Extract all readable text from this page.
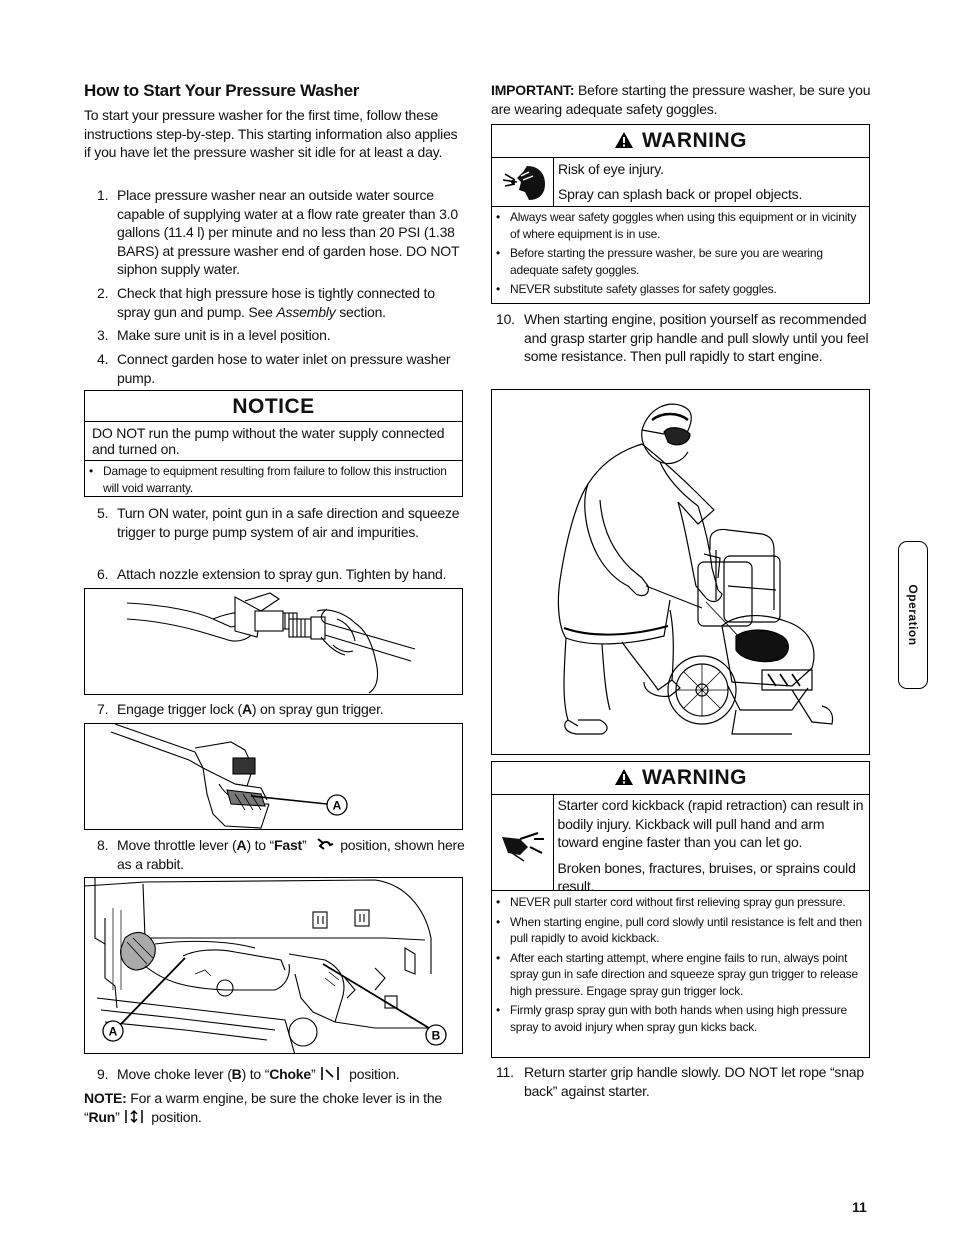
How to Start Your Pressure Washer
To start your pressure washer for the first time, follow these instructions step-by-step. This starting information also applies if you have let the pressure washer sit idle for at least a day.
1. Place pressure washer near an outside water source capable of supplying water at a flow rate greater than 3.0 gallons (11.4 l) per minute and no less than 20 PSI (1.38 BARS) at pressure washer end of garden hose. DO NOT siphon supply water.
2. Check that high pressure hose is tightly connected to spray gun and pump. See Assembly section.
3. Make sure unit is in a level position.
4. Connect garden hose to water inlet on pressure washer pump.
NOTICE
DO NOT run the pump without the water supply connected and turned on.
• Damage to equipment resulting from failure to follow this instruction will void warranty.
5. Turn ON water, point gun in a safe direction and squeeze trigger to purge pump system of air and impurities.
6. Attach nozzle extension to spray gun. Tighten by hand.
7. Engage trigger lock (A) on spray gun trigger.
A
8. Move throttle lever (A) to “Fast” position, shown here as a rabbit.
A	B
9. Move choke lever (B) to “Choke” position.
NOTE: For a warm engine, be sure the choke lever is in the “Run” position.
IMPORTANT: Before starting the pressure washer, be sure you are wearing adequate safety goggles.
WARNING
Risk of eye injury.
Spray can splash back or propel objects.
• Always wear safety goggles when using this equipment or in vicinity of where equipment is in use.
• Before starting the pressure washer, be sure you are wearing adequate safety goggles.
• NEVER substitute safety glasses for safety goggles.
10. When starting engine, position yourself as recommended and grasp starter grip handle and pull slowly until you feel some resistance. Then pull rapidly to start engine.
WARNING
Starter cord kickback (rapid retraction) can result in bodily injury. Kickback will pull hand and arm toward engine faster than you can let go.
Broken bones, fractures, bruises, or sprains could result.
• NEVER pull starter cord without first relieving spray gun pressure.
• When starting engine, pull cord slowly until resistance is felt and then pull rapidly to avoid kickback.
• After each starting attempt, where engine fails to run, always point spray gun in safe direction and squeeze spray gun trigger to release high pressure. Engage spray gun trigger lock.
• Firmly grasp spray gun with both hands when using high pressure spray to avoid injury when spray gun kicks back.
11. Return starter grip handle slowly. DO NOT let rope “snap back” against starter.
Operation
11
